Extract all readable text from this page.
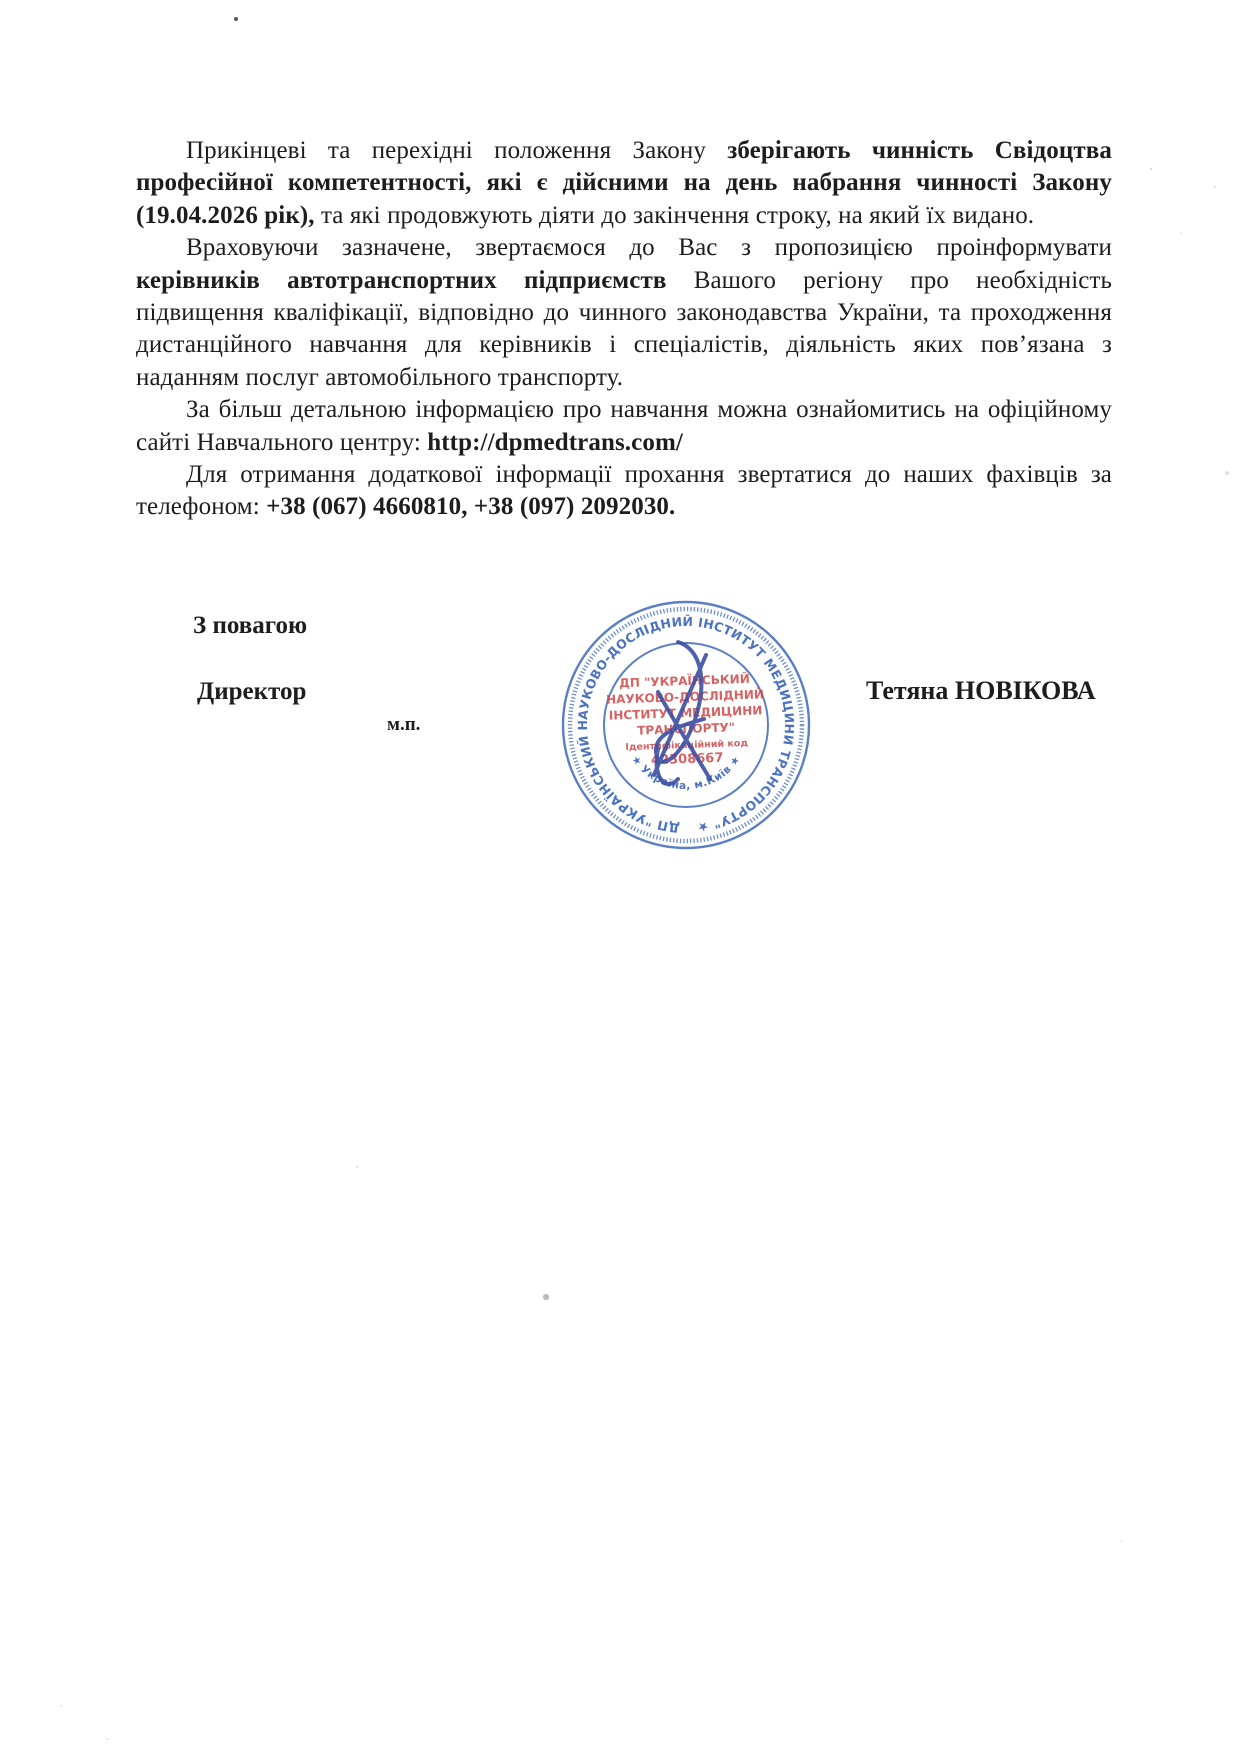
Прикінцеві та перехідні положення Закону зберігають чинність Свідоцтва професійної компетентності, які є дійсними на день набрання чинності Закону (19.04.2026 рік), та які продовжують діяти до закінчення строку, на який їх видано.

Враховуючи зазначене, звертаємося до Вас з пропозицією проінформувати керівників автотранспортних підприємств Вашого регіону про необхідність підвищення кваліфікації, відповідно до чинного законодавства України, та проходження дистанційного навчання для керівників і спеціалістів, діяльність яких пов’язана з наданням послуг автомобільного транспорту.

За більш детальною інформацією про навчання можна ознайомитись на офіційному сайті Навчального центру: http://dpmedtrans.com/

Для отримання додаткової інформації прохання звертатися до наших фахівців за телефоном: +38 (067) 4660810, +38 (097) 2092030.

З повагою
Директор	Тетяна НОВІКОВА
м.п.
ДП "УКРАЇНСЬКИЙ НАУКОВО-ДОСЛІДНИЙ ІНСТИТУТ МЕДИЦИНИ ТРАНСПОРТУ" ★
★ Україна, м.Київ ★
ДП "УКРАЇНСЬКИЙ
НАУКОВО-ДОСЛІДНИЙ
ІНСТИТУТ МЕДИЦИНИ
ТРАНСПОРТУ"
Ідентифікаційний код
42308667
